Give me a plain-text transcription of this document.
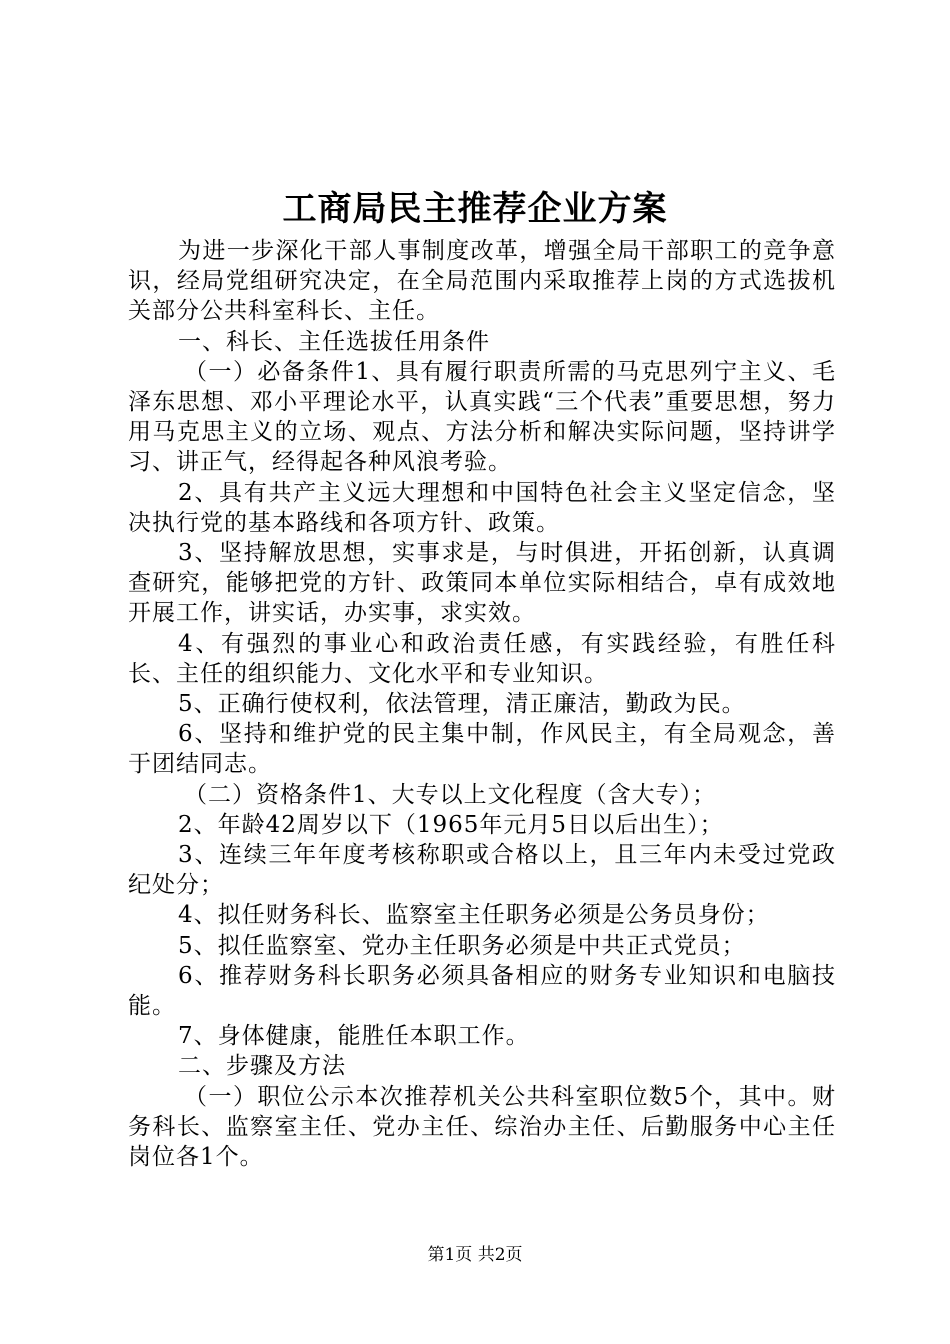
工商局民主推荐企业方案

为进一步深化干部人事制度改革，增强全局干部职工的竞争意识，经局党组研究决定，在全局范围内采取推荐上岗的方式选拔机关部分公共科室科长、主任。

一、科长、主任选拔任用条件

（一）必备条件1、具有履行职责所需的马克思列宁主义、毛泽东思想、邓小平理论水平，认真实践“三个代表”重要思想，努力用马克思主义的立场、观点、方法分析和解决实际问题，坚持讲学习、讲正气，经得起各种风浪考验。

2、具有共产主义远大理想和中国特色社会主义坚定信念，坚决执行党的基本路线和各项方针、政策。

3、坚持解放思想，实事求是，与时俱进，开拓创新，认真调查研究，能够把党的方针、政策同本单位实际相结合，卓有成效地开展工作，讲实话，办实事，求实效。

4、有强烈的事业心和政治责任感，有实践经验，有胜任科长、主任的组织能力、文化水平和专业知识。

5、正确行使权利，依法管理，清正廉洁，勤政为民。

6、坚持和维护党的民主集中制，作风民主，有全局观念，善于团结同志。

（二）资格条件1、大专以上文化程度（含大专）；

2、年龄42周岁以下（1965年元月5日以后出生）；

3、连续三年年度考核称职或合格以上，且三年内未受过党政纪处分；

4、拟任财务科长、监察室主任职务必须是公务员身份；

5、拟任监察室、党办主任职务必须是中共正式党员；

6、推荐财务科长职务必须具备相应的财务专业知识和电脑技能。

7、身体健康，能胜任本职工作。

二、步骤及方法

（一）职位公示本次推荐机关公共科室职位数5个，其中。财务科长、监察室主任、党办主任、综治办主任、后勤服务中心主任岗位各1个。

第1页 共2页
